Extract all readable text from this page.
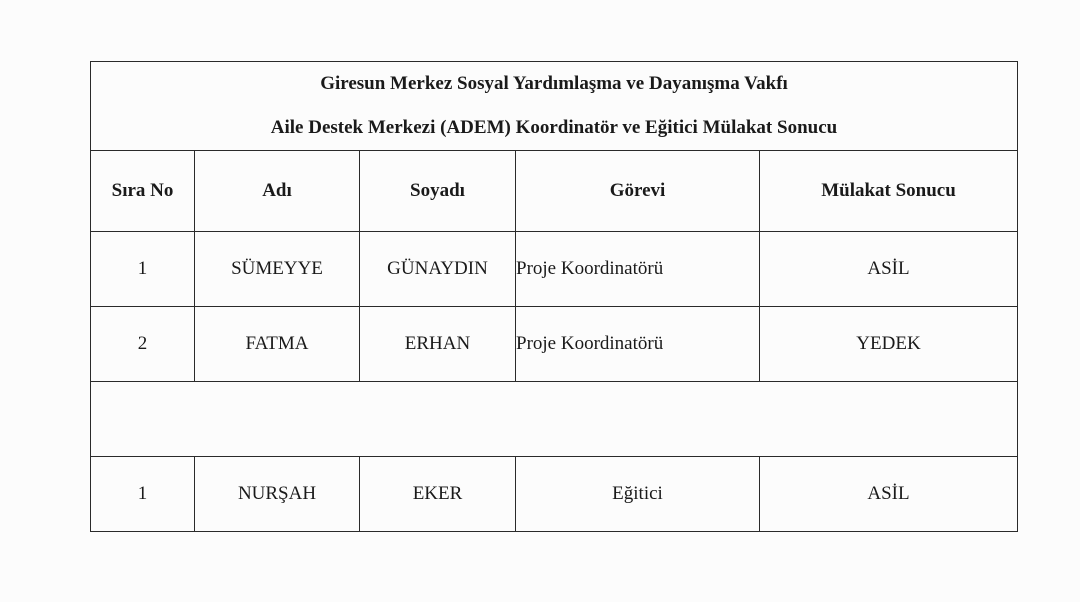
Giresun Merkez Sosyal Yardımlaşma ve Dayanışma Vakfı
Aile Destek Merkezi (ADEM) Koordinatör ve Eğitici Mülakat Sonucu				

Sıra No	Adı	Soyadı	Görevi	Mülakat Sonucu
1	SÜMEYYE	GÜNAYDIN	Proje Koordinatörü	ASİL
2	FATMA	ERHAN	Proje Koordinatörü	YEDEK

1	NURŞAH	EKER	Eğitici	ASİL
